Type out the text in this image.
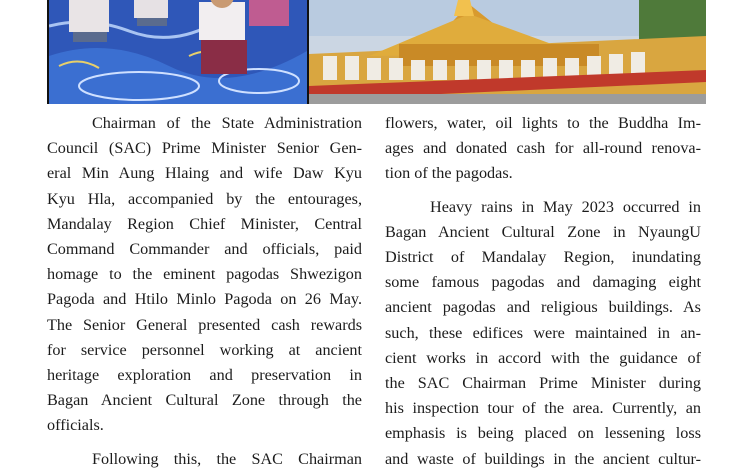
Chairman of the State Administration
Council (SAC) Prime Minister Senior Gen-
eral Min Aung Hlaing and wife Daw Kyu
Kyu Hla, accompanied by the entourages,
Mandalay Region Chief Minister, Central
Command Commander and officials, paid
homage to the eminent pagodas Shwezigon
Pagoda and Htilo Minlo Pagoda on 26 May.
The Senior General presented cash rewards
for service personnel working at ancient
heritage exploration and preservation in
Bagan Ancient Cultural Zone through the
officials.

Following this, the SAC Chairman

flowers, water, oil lights to the Buddha Im-
ages and donated cash for all-round renova-
tion of the pagodas.

Heavy rains in May 2023 occurred in
Bagan Ancient Cultural Zone in NyaungU
District of Mandalay Region, inundating
some famous pagodas and damaging eight
ancient pagodas and religious buildings. As
such, these edifices were maintained in an-
cient works in accord with the guidance of
the SAC Chairman Prime Minister during
his inspection tour of the area. Currently, an
emphasis is being placed on lessening loss
and waste of buildings in the ancient cultur-
